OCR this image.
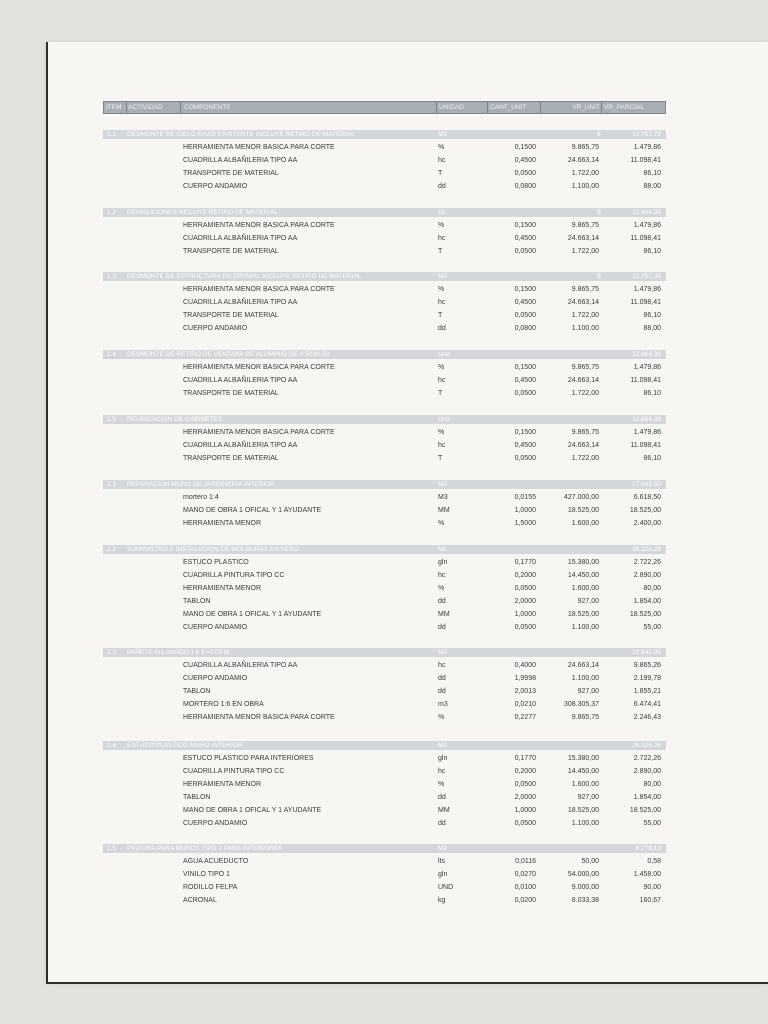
ITEM ACTIVIDAD	COMPONENTE	UNIDAD	CANT_UNIT	VR_UNIT VR_PARCIAL
1.1 DESMONTE DE CIELO RAZO EXISTENTE INCLUYE RETIRO DE MATERIAL	M2	$	12.757,78
HERRAMIENTA MENOR BASICA PARA CORTE	%	0,1500	9.865,75	1.479,86
CUADRILLA ALBAÑILERIA TIPO AA	hc	0,4500	24.663,14	11.098,41
TRANSPORTE DE MATERIAL	T	0,0500	1.722,00	86,10
CUERPO ANDAMIO	dd	0,0800	1.100,00	88,00
1.2 DEMOLICIONES INCLUYE RETIRO DE MATERIAL	GL	$	12.664,38
HERRAMIENTA MENOR BASICA PARA CORTE	%	0,1500	9.865,75	1.479,86
CUADRILLA ALBAÑILERIA TIPO AA	hc	0,4500	24.663,14	11.098,41
TRANSPORTE DE MATERIAL	T	0,0500	1.722,00	86,10
1.3 DESMONTE DE ESTRUCTURA EN DRYWAL INCLUYE RETIRO DE MATERIAL	M2	$	12.757,38
HERRAMIENTA MENOR BASICA PARA CORTE	%	0,1500	9.865,75	1.479,86
CUADRILLA ALBAÑILERIA TIPO AA	hc	0,4500	24.663,14	11.098,41
TRANSPORTE DE MATERIAL	T	0,0500	1.722,00	86,10
CUERPO ANDAMIO	dd	0,0800	1.100,00	88,00
1.4 DESMONTE DE RETIRO DE VENTANA DE ALUMINIO DE 0.50X0.50	Und	12.664,38
HERRAMIENTA MENOR BASICA PARA CORTE	%	0,1500	9.865,75	1.479,86
CUADRILLA ALBAÑILERIA TIPO AA	hc	0,4500	24.663,14	11.098,41
TRANSPORTE DE MATERIAL	T	0,0500	1.722,00	86,10
1.5 REUBICACION DE GABINETES	Und	12.664,38
HERRAMIENTA MENOR BASICA PARA CORTE	%	0,1500	9.865,75	1.479,86
CUADRILLA ALBAÑILERIA TIPO AA	hc	0,4500	24.663,14	11.098,41
TRANSPORTE DE MATERIAL	T	0,0500	1.722,00	86,10
2.1 REPARACION MURO DE JARDINERIA INTERIOR	M2	27.543,50
mortero 1:4	M3	0,0155	427.000,00	6.618,50
MANO DE OBRA 1 OFICAL Y 1 AYUDANTE	MM	1,0000	18.525,00	18.525,00
HERRAMIENTA MENOR	%	1,5000	1.600,00	2.400,00
2.2 SUMINISTRO E INSTALACION DE MOLDURAS EN YESO	ML	26.126,26
ESTUCO PLASTICO	gln	0,1770	15.380,00	2.722,26
CUADRILLA PINTURA TIPO CC	hc	0,2000	14.450,00	2.890,00
HERRAMIENTA MENOR	%	0,0500	1.600,00	80,00
TABLON	dd	2,0000	927,00	1.854,00
MANO DE OBRA 1 OFICAL Y 1 AYUDANTE	MM	1,0000	18.525,00	18.525,00
CUERPO ANDAMIO	dd	0,0500	1.100,00	55,00
2.3 PAÑETE ALLANADO 1:6 E=0.02 M.	M2	22.641,95
CUADRILLA ALBAÑILERIA TIPO AA	hc	0,4000	24.663,14	9.865,26
CUERPO ANDAMIO	dd	1,9998	1.100,00	2.199,78
TABLON	dd	2,0013	927,00	1.855,21
MORTERO 1:6 EN OBRA	m3	0,0210	308.305,37	6.474,41
HERRAMIENTA MENOR BASICA PARA CORTE	%	0,2277	9.865,75	2.246,43
2.4 ESTUCO PLASTICO MURO INTERIOR	M2	26.126,26
ESTUCO PLASTICO PARA INTERIORES	gln	0,1770	15.380,00	2.722,26
CUADRILLA PINTURA TIPO CC	hc	0,2000	14.450,00	2.890,00
HERRAMIENTA MENOR	%	0,0500	1.600,00	80,00
TABLON	dd	2,0000	927,00	1.854,00
MANO DE OBRA 1 OFICAL Y 1 AYUDANTE	MM	1,0000	18.525,00	18.525,00
CUERPO ANDAMIO	dd	0,0500	1.100,00	55,00
2.5 PINTURA PARA MUROS TIPO 1 PARA INTERIORES	M2	6.278,13
AGUA ACUEDUCTO	lts	0,0116	50,00	0,58
VINILO TIPO 1	gln	0,0270	54.000,00	1.458,00
RODILLO FELPA	UND	0,0100	9.000,00	90,00
ACRONAL	kg	0,0200	8.033,38	160,67
